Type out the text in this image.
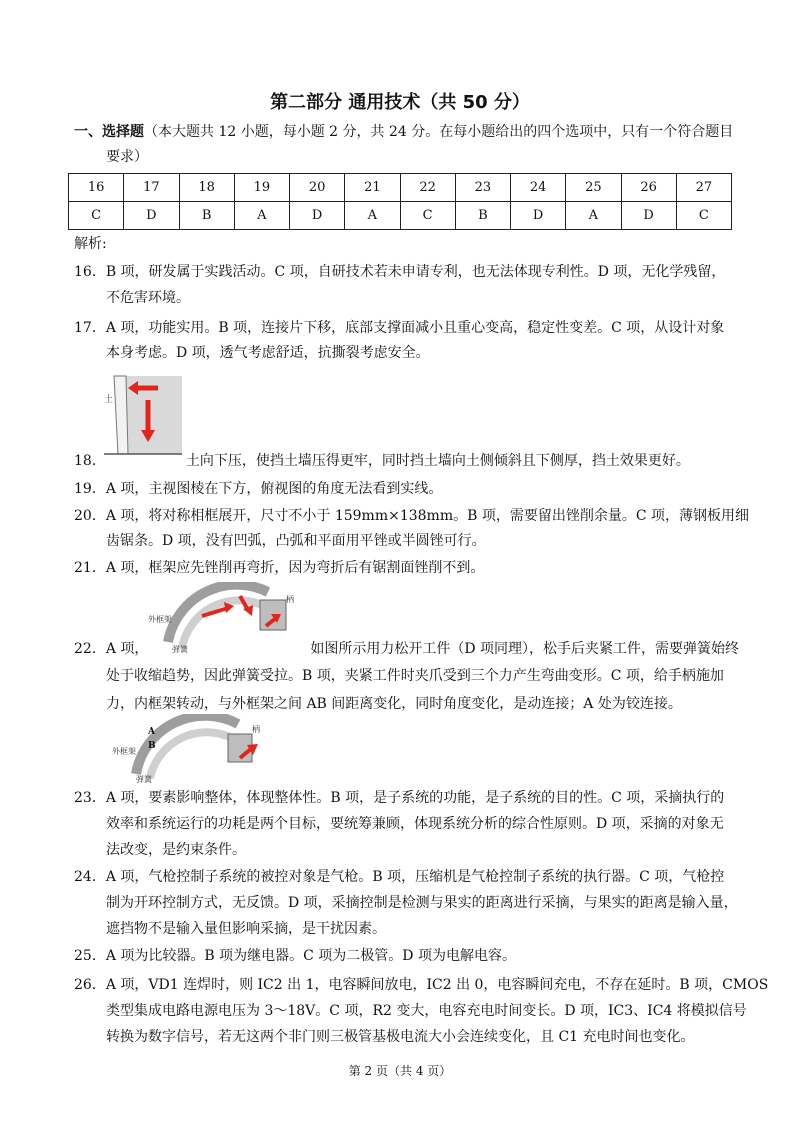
第二部分 通用技术（共 50 分）
一、选择题（本大题共 12 小题，每小题 2 分，共 24 分。在每小题给出的四个选项中，只有一个符合题目
要求）
16	17	18	19	20	21	22	23	24	25	26	27
C	D	B	A	D	A	C	B	D	A	D	C
解析:
16．B 项，研发属于实践活动。C 项，自研技术若未申请专利，也无法体现专利性。D 项，无化学残留，
不危害环境。
17．A 项，功能实用。B 项，连接片下移，底部支撑面减小且重心变高，稳定性变差。C 项，从设计对象
本身考虑。D 项，透气考虑舒适，抗撕裂考虑安全。
土
18．	土向下压，使挡土墙压得更牢，同时挡土墙向土侧倾斜且下侧厚，挡土效果更好。
19．A 项，主视图棱在下方，俯视图的角度无法看到实线。
20．A 项，将对称相框展开，尺寸不小于 159mm×138mm。B 项，需要留出锉削余量。C 项，薄钢板用细
齿锯条。D 项，没有凹弧，凸弧和平面用平锉或半圆锉可行。
21．A 项，框架应先锉削再弯折，因为弯折后有锯割面锉削不到。
外框架
弹簧
柄
22．A 项，	如图所示用力松开工件（D 项同理），松手后夹紧工件，需要弹簧始终
处于收缩趋势，因此弹簧受拉。B 项，夹紧工件时夹爪受到三个力产生弯曲变形。C 项，给手柄施加
力，内框架转动，与外框架之间 AB 间距离变化，同时角度变化，是动连接；A 处为铰连接。
A
B
外框架
弹簧
柄
23．A 项，要素影响整体，体现整体性。B 项，是子系统的功能，是子系统的目的性。C 项，采摘执行的
效率和系统运行的功耗是两个目标，要统筹兼顾，体现系统分析的综合性原则。D 项，采摘的对象无
法改变，是约束条件。
24．A 项，气枪控制子系统的被控对象是气枪。B 项，压缩机是气枪控制子系统的执行器。C 项，气枪控
制为开环控制方式，无反馈。D 项，采摘控制是检测与果实的距离进行采摘，与果实的距离是输入量，
遮挡物不是输入量但影响采摘，是干扰因素。
25．A 项为比较器。B 项为继电器。C 项为二极管。D 项为电解电容。
26．A 项，VD1 连焊时，则 IC2 出 1，电容瞬间放电，IC2 出 0，电容瞬间充电，不存在延时。B 项，CMOS
类型集成电路电源电压为 3～18V。C 项，R2 变大，电容充电时间变长。D 项，IC3、IC4 将模拟信号
转换为数字信号，若无这两个非门则三极管基极电流大小会连续变化，且 C1 充电时间也变化。
第 2 页（共 4 页）
